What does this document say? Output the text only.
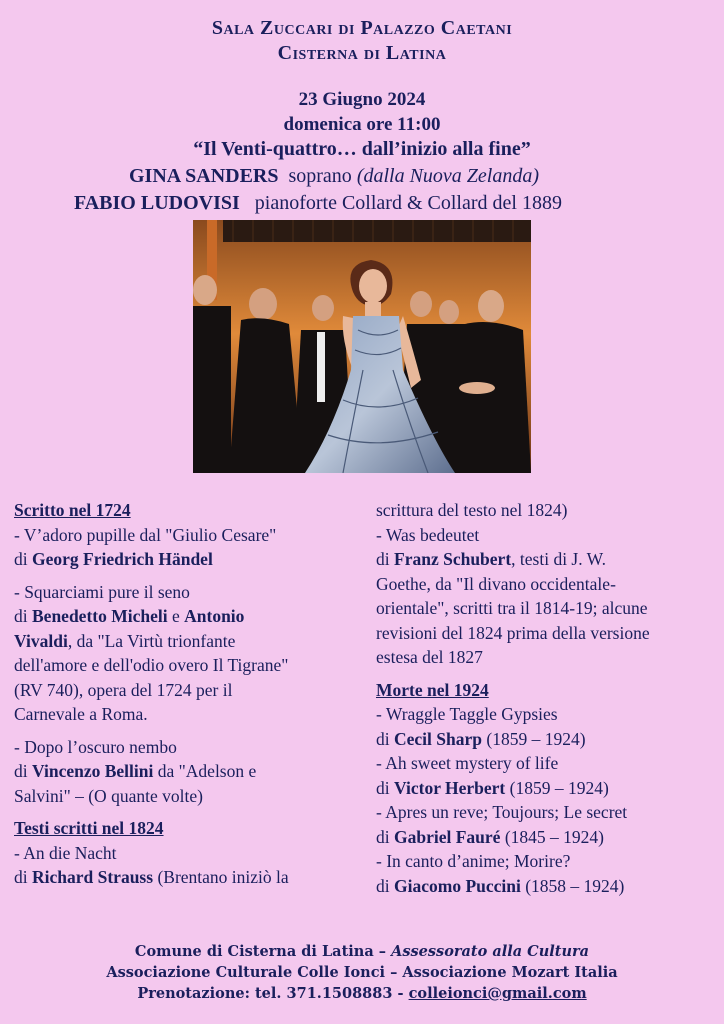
Sala Zuccari di Palazzo Caetani
Cisterna di Latina
23 Giugno 2024
domenica ore 11:00
“Il Venti-quattro… dall’inizio alla fine”
GINA SANDERS soprano (dalla Nuova Zelanda)
FABIO LUDOVISI pianoforte Collard & Collard del 1889

Scritto nel 1724

- V’adoro pupille dal "Giulio Cesare"

di Georg Friedrich Händel

- Squarciami pure il seno

di Benedetto Micheli e Antonio

Vivaldi, da "La Virtù trionfante

dell'amore e dell'odio overo Il Tigrane"

(RV 740), opera del 1724 per il

Carnevale a Roma.

- Dopo l’oscuro nembo

di Vincenzo Bellini da "Adelson e

Salvini" – (O quante volte)

Testi scritti nel 1824

- An die Nacht

di Richard Strauss (Brentano iniziò la

scrittura del testo nel 1824)

- Was bedeutet

di Franz Schubert, testi di J. W.

Goethe, da "Il divano occidentale-

orientale", scritti tra il 1814-19; alcune

revisioni del 1824 prima della versione

estesa del 1827

Morte nel 1924

- Wraggle Taggle Gypsies

di Cecil Sharp (1859 – 1924)

- Ah sweet mystery of life

di Victor Herbert (1859 – 1924)

- Apres un reve; Toujours; Le secret

di Gabriel Fauré (1845 – 1924)

- In canto d’anime; Morire?

di Giacomo Puccini (1858 – 1924)

Comune di Cisterna di Latina – Assessorato alla Cultura
Associazione Culturale Colle Ionci – Associazione Mozart Italia
Prenotazione: tel. 371.1508883 - colleionci@gmail.com
